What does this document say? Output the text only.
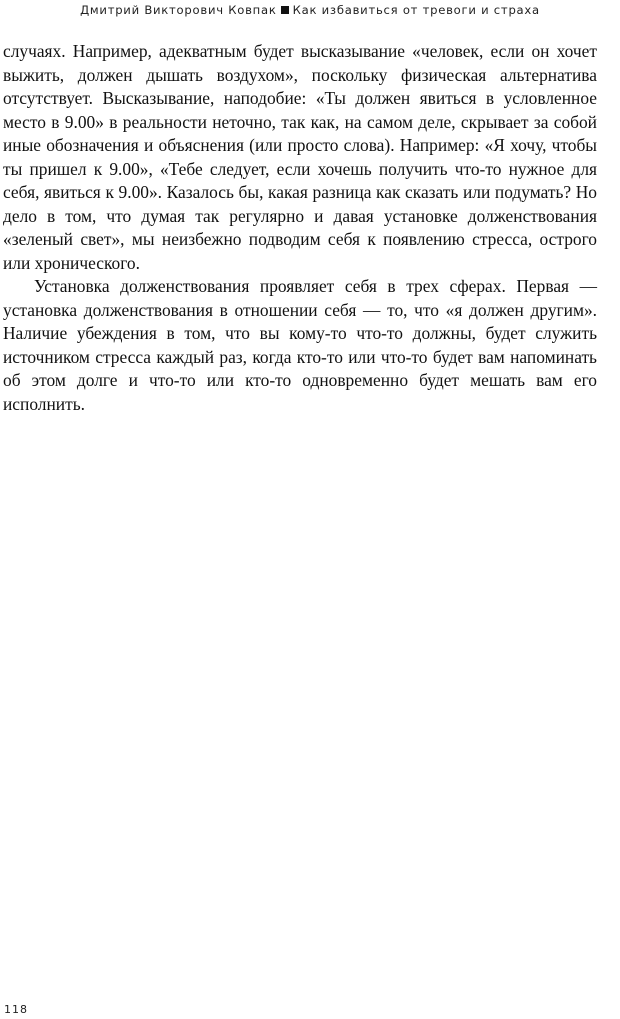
Дмитрий Викторович Ковпак Как избавиться от тревоги и страха

случаях. Например, адекватным будет высказывание «человек, если он хочет выжить, должен дышать воздухом», поскольку физическая альтернатива отсутствует. Высказывание, наподобие: «Ты должен явиться в условленное место в 9.00» в реальности неточно, так как, на самом деле, скрывает за собой иные обозначения и объяснения (или просто слова). Например: «Я хочу, чтобы ты пришел к 9.00», «Тебе следует, если хочешь получить что-то нужное для себя, явиться к 9.00». Казалось бы, какая разница как сказать или подумать? Но дело в том, что думая так регулярно и давая установке долженствования «зеленый свет», мы неизбежно подводим себя к появлению стресса, острого или хронического.

Установка долженствования проявляет себя в трех сферах. Первая — установка долженствования в отношении себя — то, что «я должен другим». Наличие убеждения в том, что вы кому-то что-то должны, будет служить источником стресса каждый раз, когда кто-то или что-то будет вам напоминать об этом долге и что-то или кто-то одновременно будет мешать вам его исполнить.

118
